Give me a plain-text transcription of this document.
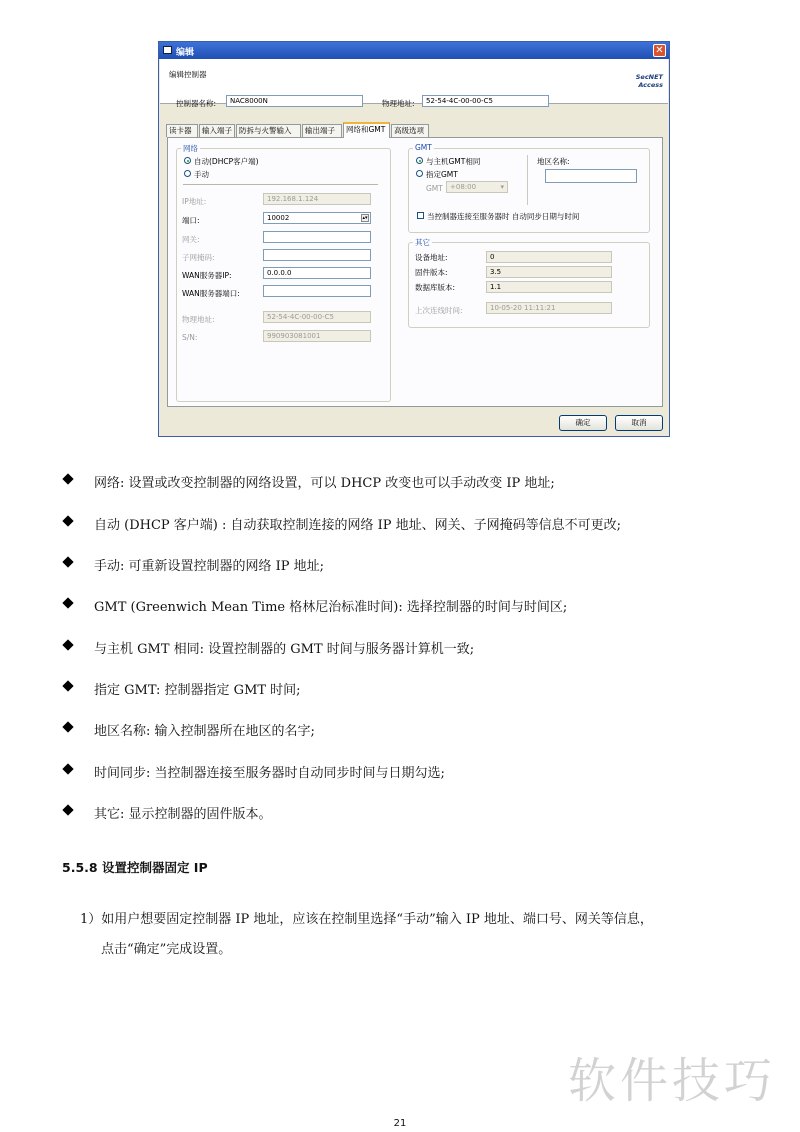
编辑	✕
编辑控制器	SecNET
Access
控制器名称:	NAC8000N	物理地址:	52-54-4C-00-00-C5
读卡器	输入端子 防拆与火警输入	输出端子	网络和GMT	高级选项
网络
自动(DHCP客户端)
手动
IP地址:	192.168.1.124
端口:	10002	▴▾
网关:
子网掩码:
WAN服务器IP:	0.0.0.0
WAN服务器端口:
物理地址:	52-54-4C-00-00-C5
S/N:	990903081001
GMT
与主机GMT相同
指定GMT
GMT	+08:00	▾
地区名称:
当控制器连接至服务器时 自动同步日期与时间
其它
设备地址:	0
固件版本:	3.5
数据库版本:	1.1
上次连线时间:	10-05-20 11:11:21
确定	取消
网络: 设置或改变控制器的网络设置，可以 DHCP 改变也可以手动改变 IP 地址;
自动 (DHCP 客户端) : 自动获取控制连接的网络 IP 地址、网关、子网掩码等信息不可更改;
手动: 可重新设置控制器的网络 IP 地址;
GMT (Greenwich Mean Time 格林尼治标准时间): 选择控制器的时间与时间区;
与主机 GMT 相同: 设置控制器的 GMT 时间与服务器计算机一致;
指定 GMT: 控制器指定 GMT 时间;
地区名称: 输入控制器所在地区的名字;
时间同步: 当控制器连接至服务器时自动同步时间与日期勾选;
其它: 显示控制器的固件版本。
5.5.8 设置控制器固定 IP
1）如用户想要固定控制器 IP 地址，应该在控制里选择“手动”输入 IP 地址、端口号、网关等信息，
点击“确定”完成设置。
软件技巧
21
